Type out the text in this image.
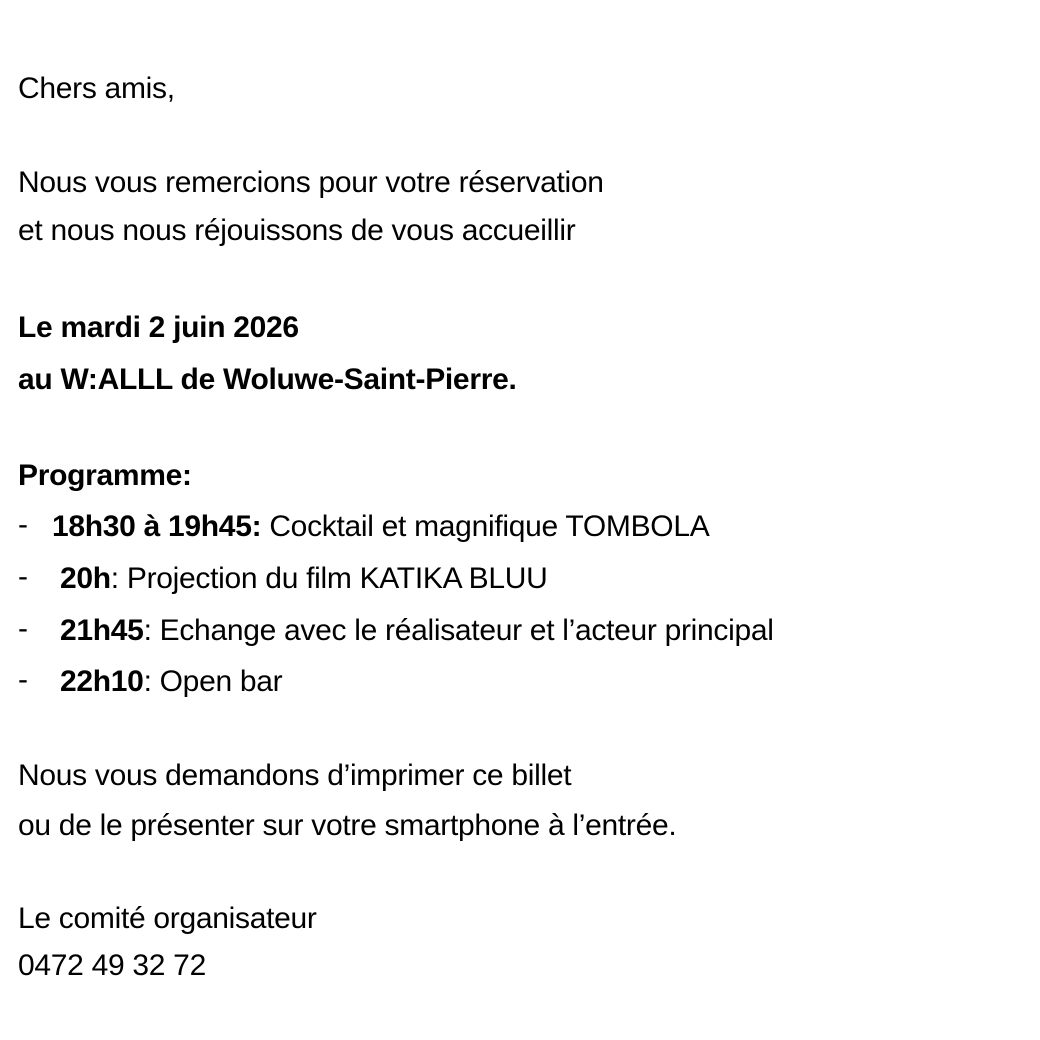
Chers amis,
Nous vous remercions pour votre réservation
et nous nous réjouissons de vous accueillir
Le mardi 2 juin 2026
au W:ALLL de Woluwe-Saint-Pierre.
Programme:
- 18h30 à 19h45: Cocktail et magnifique TOMBOLA
- 20h: Projection du film KATIKA BLUU
- 21h45: Echange avec le réalisateur et l’acteur principal
- 22h10: Open bar
Nous vous demandons d’imprimer ce billet
ou de le présenter sur votre smartphone à l’entrée.
Le comité organisateur
0472 49 32 72
